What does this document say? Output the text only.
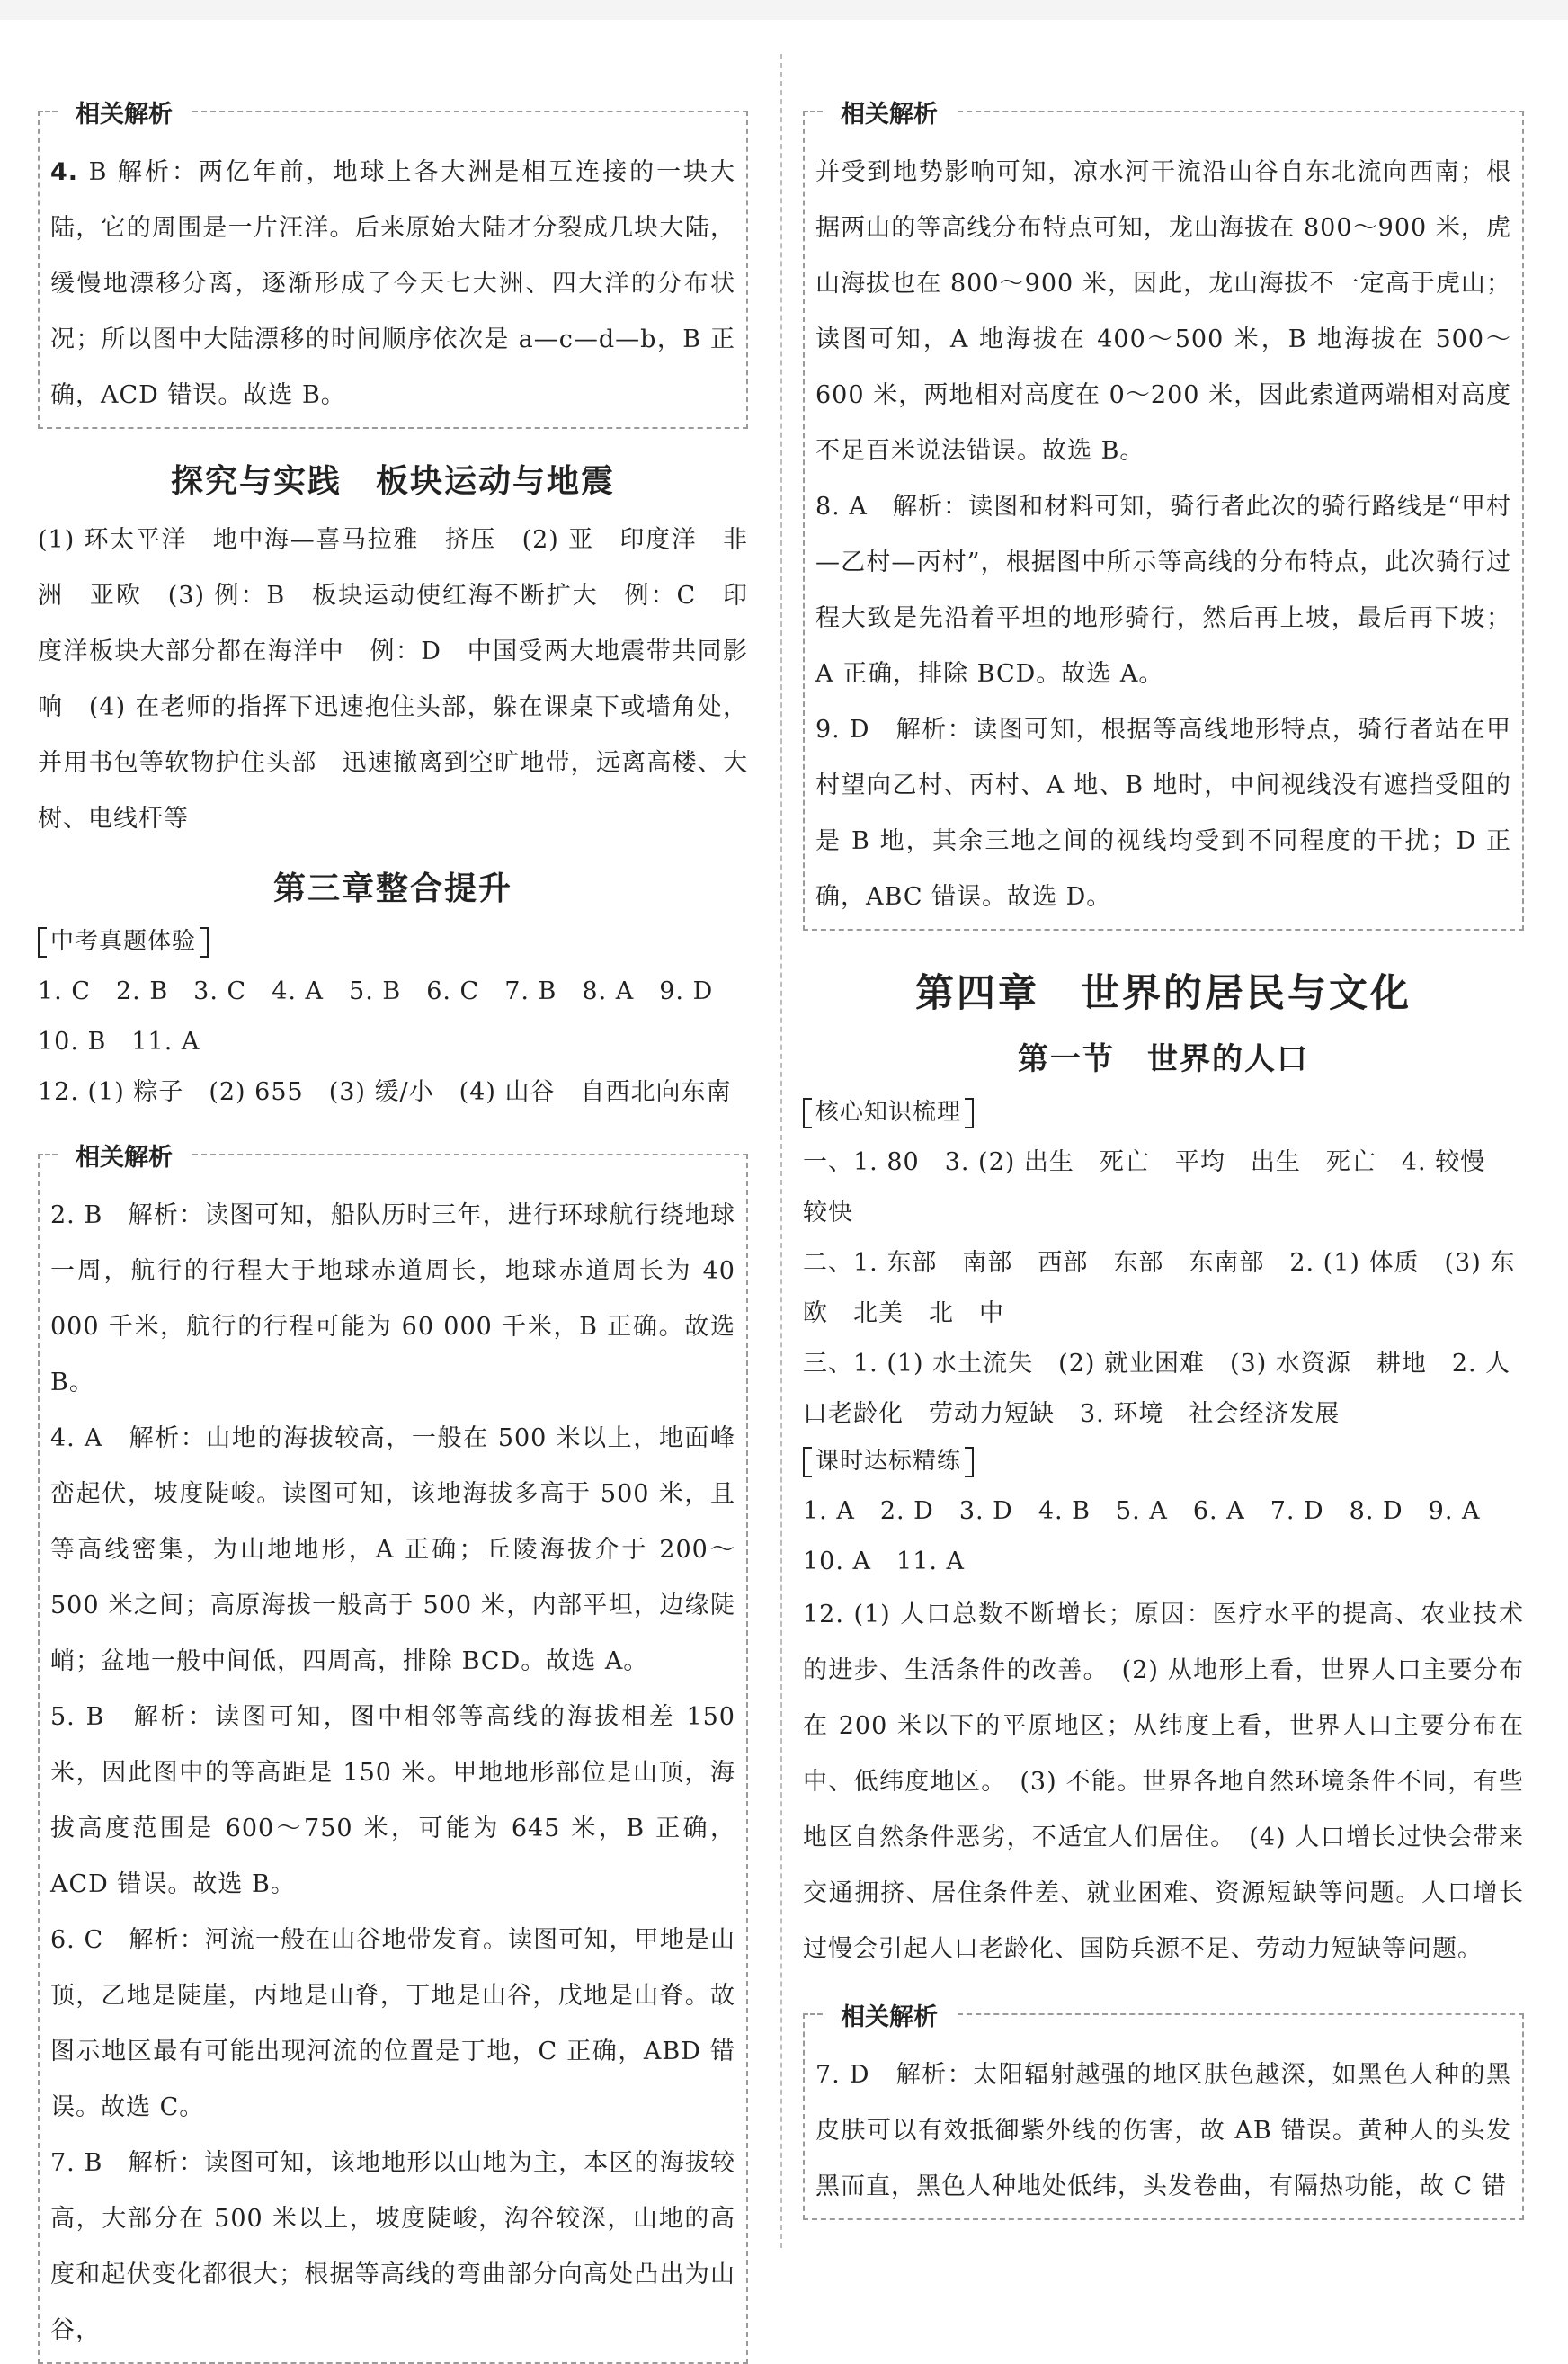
相关解析
4. B 解析：两亿年前，地球上各大洲是相互连接的一块大陆，它的周围是一片汪洋。后来原始大陆才分裂成几块大陆，缓慢地漂移分离，逐渐形成了今天七大洲、四大洋的分布状况；所以图中大陆漂移的时间顺序依次是 a—c—d—b，B 正确，ACD 错误。故选 B。
探究与实践　板块运动与地震
(1) 环太平洋　地中海—喜马拉雅　挤压　(2) 亚　印度洋　非洲　亚欧　(3) 例：B　板块运动使红海不断扩大　例：C　印度洋板块大部分都在海洋中　例：D　中国受两大地震带共同影响　(4) 在老师的指挥下迅速抱住头部，躲在课桌下或墙角处，并用书包等软物护住头部　迅速撤离到空旷地带，远离高楼、大树、电线杆等
第三章整合提升
中考真题体验
1. C　2. B　3. C　4. A　5. B　6. C　7. B　8. A　9. D
10. B　11. A
12. (1) 粽子　(2) 655　(3) 缓/小　(4) 山谷　自西北向东南
相关解析
2. B　解析：读图可知，船队历时三年，进行环球航行绕地球一周，航行的行程大于地球赤道周长，地球赤道周长为 40 000 千米，航行的行程可能为 60 000 千米，B 正确。故选 B。
4. A　解析：山地的海拔较高，一般在 500 米以上，地面峰峦起伏，坡度陡峻。读图可知，该地海拔多高于 500 米，且等高线密集，为山地地形，A 正确；丘陵海拔介于 200～500 米之间；高原海拔一般高于 500 米，内部平坦，边缘陡峭；盆地一般中间低，四周高，排除 BCD。故选 A。
5. B　解析：读图可知，图中相邻等高线的海拔相差 150 米，因此图中的等高距是 150 米。甲地地形部位是山顶，海拔高度范围是 600～750 米，可能为 645 米，B 正确，ACD 错误。故选 B。
6. C　解析：河流一般在山谷地带发育。读图可知，甲地是山顶，乙地是陡崖，丙地是山脊，丁地是山谷，戊地是山脊。故图示地区最有可能出现河流的位置是丁地，C 正确，ABD 错误。故选 C。
7. B　解析：读图可知，该地地形以山地为主，本区的海拔较高，大部分在 500 米以上，坡度陡峻，沟谷较深，山地的高度和起伏变化都很大；根据等高线的弯曲部分向高处凸出为山谷，
相关解析
并受到地势影响可知，凉水河干流沿山谷自东北流向西南；根据两山的等高线分布特点可知，龙山海拔在 800～900 米，虎山海拔也在 800～900 米，因此，龙山海拔不一定高于虎山；读图可知，A 地海拔在 400～500 米，B 地海拔在 500～600 米，两地相对高度在 0～200 米，因此索道两端相对高度不足百米说法错误。故选 B。
8. A　解析：读图和材料可知，骑行者此次的骑行路线是“甲村—乙村—丙村”，根据图中所示等高线的分布特点，此次骑行过程大致是先沿着平坦的地形骑行，然后再上坡，最后再下坡；A 正确，排除 BCD。故选 A。
9. D　解析：读图可知，根据等高线地形特点，骑行者站在甲村望向乙村、丙村、A 地、B 地时，中间视线没有遮挡受阻的是 B 地，其余三地之间的视线均受到不同程度的干扰；D 正确，ABC 错误。故选 D。
第四章　世界的居民与文化
第一节　世界的人口
核心知识梳理
一、1. 80　3. (2) 出生　死亡　平均　出生　死亡　4. 较慢　较快
二、1. 东部　南部　西部　东部　东南部　2. (1) 体质　(3) 东　欧　北美　北　中
三、1. (1) 水土流失　(2) 就业困难　(3) 水资源　耕地　2. 人口老龄化　劳动力短缺　3. 环境　社会经济发展
课时达标精练
1. A　2. D　3. D　4. B　5. A　6. A　7. D　8. D　9. A
10. A　11. A
12. (1) 人口总数不断增长；原因：医疗水平的提高、农业技术的进步、生活条件的改善。　(2) 从地形上看，世界人口主要分布在 200 米以下的平原地区；从纬度上看，世界人口主要分布在中、低纬度地区。　(3) 不能。世界各地自然环境条件不同，有些地区自然条件恶劣，不适宜人们居住。　(4) 人口增长过快会带来交通拥挤、居住条件差、就业困难、资源短缺等问题。人口增长过慢会引起人口老龄化、国防兵源不足、劳动力短缺等问题。
相关解析
7. D　解析：太阳辐射越强的地区肤色越深，如黑色人种的黑皮肤可以有效抵御紫外线的伤害，故 AB 错误。黄种人的头发黑而直，黑色人种地处低纬，头发卷曲，有隔热功能，故 C 错
